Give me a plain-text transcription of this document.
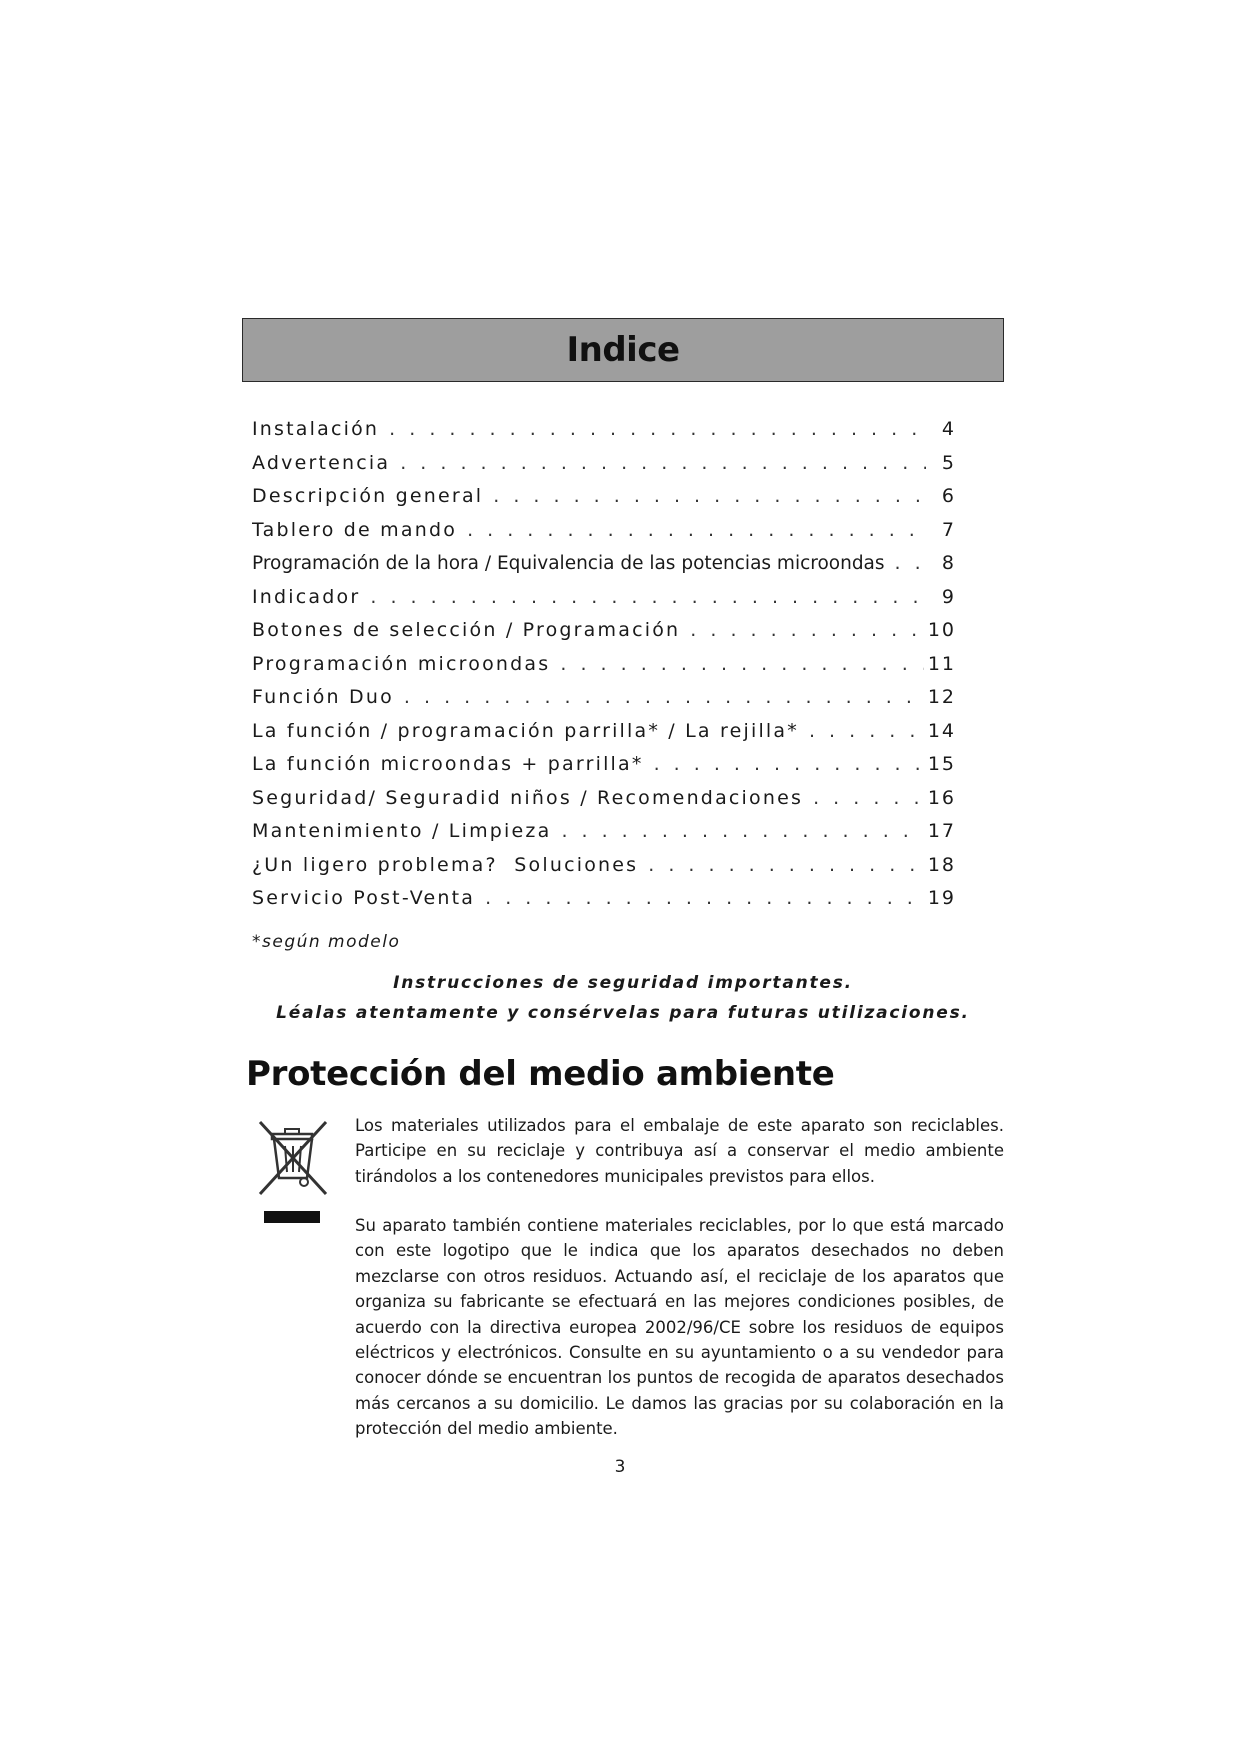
Indice
Instalación . . .	4
Advertencia . . .	5
Descripción general . . .	6
Tablero de mando . . .	7
Programación de la hora / Equivalencia de las potencias microondas . . .	8
Indicador . . .	9
Botones de selección / Programación . . .	10
Programación microondas . . .	11
Función Duo . . .	12
La función / programación parrilla* / La rejilla* . . .	14
La función microondas + parrilla* . . .	15
Seguridad/ Seguradid niños / Recomendaciones . . .	16
Mantenimiento / Limpieza . . .	17
¿Un ligero problema?  Soluciones . . .	18
Servicio Post-Venta . . .	19
*según modelo
Instrucciones de seguridad importantes.
Léalas atentamente y consérvelas para futuras utilizaciones.
Protección del medio ambiente

Los materiales utilizados para el embalaje de este aparato son reciclables. Participe en su reciclaje y contribuya así a conservar el medio ambiente tirándolos a los contenedores municipales previstos para ellos.

Su aparato también contiene materiales reciclables, por lo que está marcado con este logotipo que le indica que los aparatos desechados no deben mezclarse con otros residuos. Actuando así, el reciclaje de los aparatos que organiza su fabricante se efectuará en las mejores condiciones posibles, de acuerdo con la directiva europea 2002/96/CE sobre los residuos de equipos eléctricos y electrónicos. Consulte en su ayuntamiento o a su vendedor para conocer dónde se encuentran los puntos de recogida de aparatos desechados más cercanos a su domicilio. Le damos las gracias por su colaboración en la protección del medio ambiente.

3
